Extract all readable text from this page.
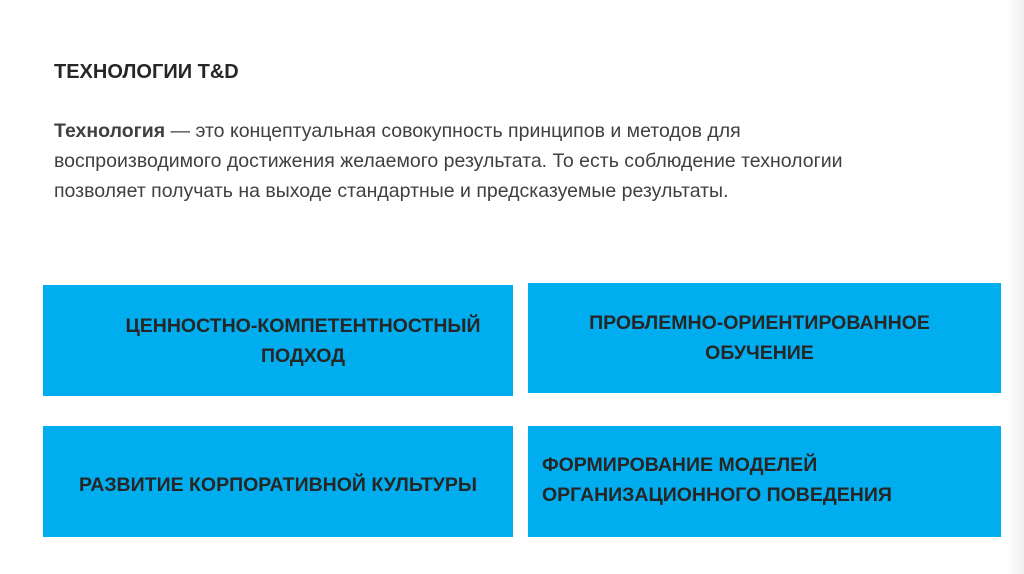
ТЕХНОЛОГИИ T&D
Технология — это концептуальная совокупность принципов и методов для воспроизводимого достижения желаемого результата. То есть соблюдение технологии позволяет получать на выходе стандартные и предсказуемые результаты.
ЦЕННОСТНО-КОМПЕТЕНТНОСТНЫЙ ПОДХОД
ПРОБЛЕМНО-ОРИЕНТИРОВАННОЕ ОБУЧЕНИЕ
РАЗВИТИЕ КОРПОРАТИВНОЙ КУЛЬТУРЫ
ФОРМИРОВАНИЕ МОДЕЛЕЙ ОРГАНИЗАЦИОННОГО ПОВЕДЕНИЯ
